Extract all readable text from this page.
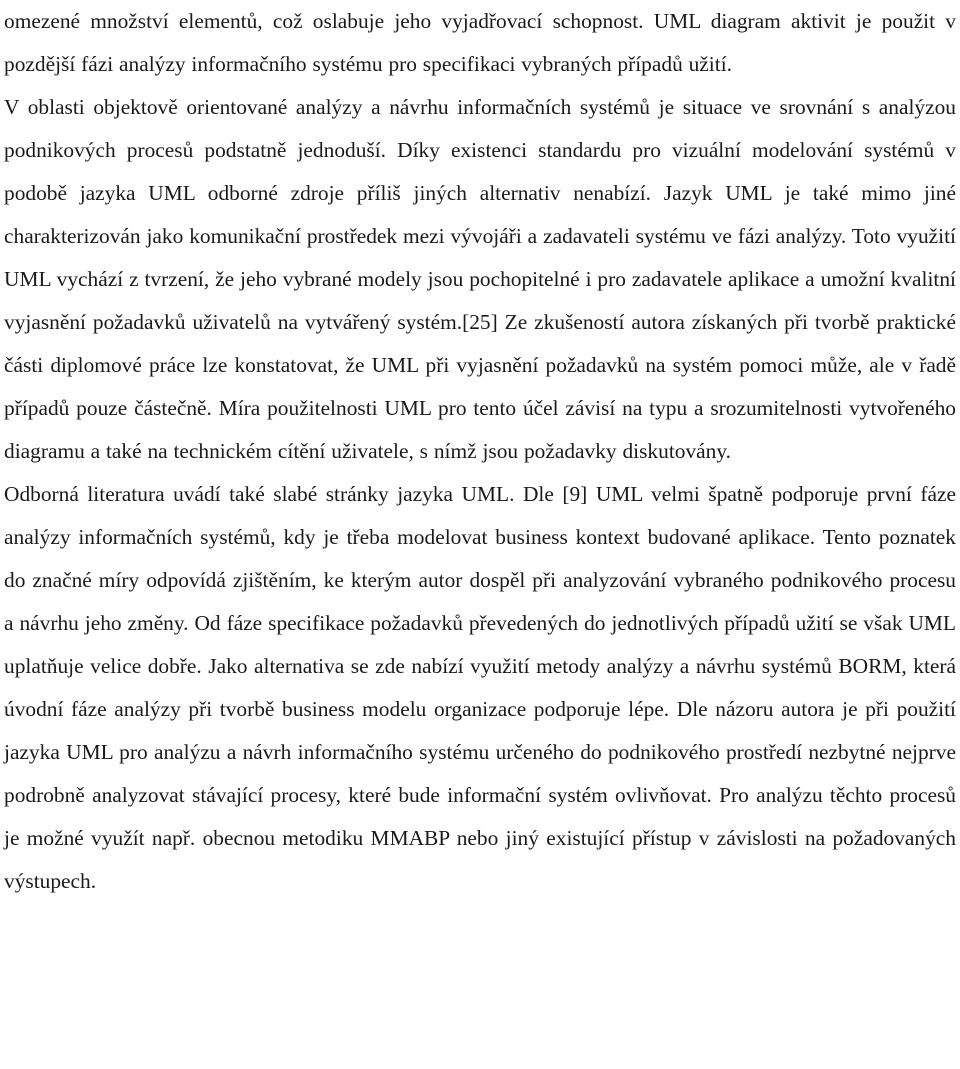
omezené množství elementů, což oslabuje jeho vyjadřovací schopnost. UML diagram aktivit je použit v pozdější fázi analýzy informačního systému pro specifikaci vybraných případů užití.

V oblasti objektově orientované analýzy a návrhu informačních systémů je situace ve srovnání s analýzou podnikových procesů podstatně jednoduší. Díky existenci standardu pro vizuální modelování systémů v podobě jazyka UML odborné zdroje příliš jiných alternativ nenabízí. Jazyk UML je také mimo jiné charakterizován jako komunikační prostředek mezi vývojáři a zadavateli systému ve fázi analýzy. Toto využití UML vychází z tvrzení, že jeho vybrané modely jsou pochopitelné i pro zadavatele aplikace a umožní kvalitní vyjasnění požadavků uživatelů na vytvářený systém.[25] Ze zkušeností autora získaných při tvorbě praktické části diplomové práce lze konstatovat, že UML při vyjasnění požadavků na systém pomoci může, ale v řadě případů pouze částečně. Míra použitelnosti UML pro tento účel závisí na typu a srozumitelnosti vytvořeného diagramu a také na technickém cítění uživatele, s nímž jsou požadavky diskutovány.

Odborná literatura uvádí také slabé stránky jazyka UML. Dle [9] UML velmi špatně podporuje první fáze analýzy informačních systémů, kdy je třeba modelovat business kontext budované aplikace. Tento poznatek do značné míry odpovídá zjištěním, ke kterým autor dospěl při analyzování vybraného podnikového procesu a návrhu jeho změny. Od fáze specifikace požadavků převedených do jednotlivých případů užití se však UML uplatňuje velice dobře. Jako alternativa se zde nabízí využití metody analýzy a návrhu systémů BORM, která úvodní fáze analýzy při tvorbě business modelu organizace podporuje lépe. Dle názoru autora je při použití jazyka UML pro analýzu a návrh informačního systému určeného do podnikového prostředí nezbytné nejprve podrobně analyzovat stávající procesy, které bude informační systém ovlivňovat. Pro analýzu těchto procesů je možné využít např. obecnou metodiku MMABP nebo jiný existující přístup v závislosti na požadovaných výstupech.
